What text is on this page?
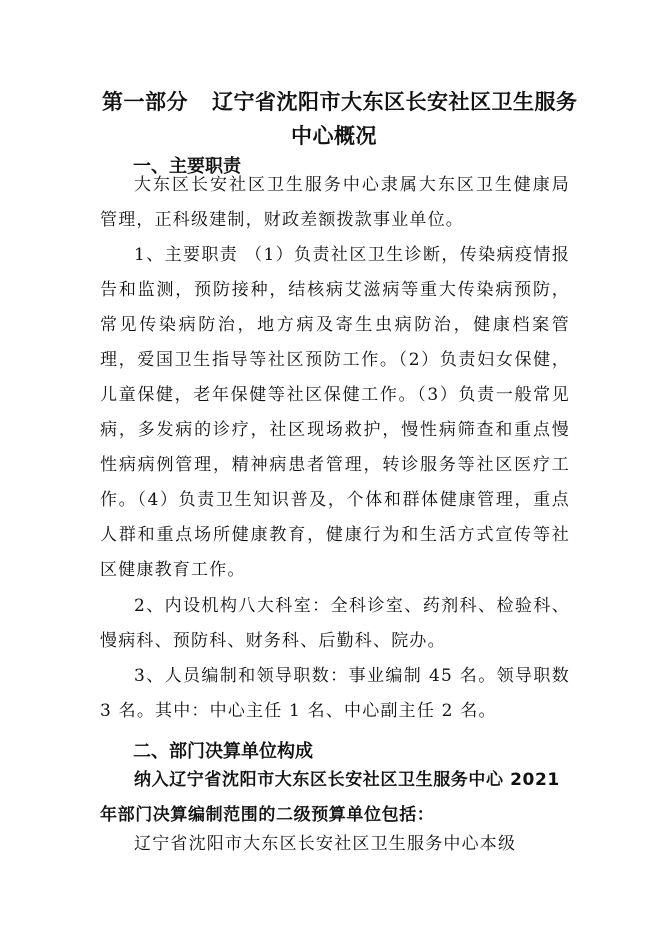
第一部分 辽宁省沈阳市大东区长安社区卫生服务
中心概况
一、主要职责

大东区长安社区卫生服务中心隶属大东区卫生健康局管理，正科级建制，财政差额拨款事业单位。

1、主要职责 （1）负责社区卫生诊断，传染病疫情报告和监测，预防接种，结核病艾滋病等重大传染病预防，常见传染病防治，地方病及寄生虫病防治，健康档案管理，爱国卫生指导等社区预防工作。（2）负责妇女保健，儿童保健，老年保健等社区保健工作。（3）负责一般常见病，多发病的诊疗，社区现场救护，慢性病筛查和重点慢性病病例管理，精神病患者管理，转诊服务等社区医疗工作。（4）负责卫生知识普及，个体和群体健康管理，重点人群和重点场所健康教育，健康行为和生活方式宣传等社区健康教育工作。

2、内设机构八大科室：全科诊室、药剂科、检验科、慢病科、预防科、财务科、后勤科、院办。

3、人员编制和领导职数：事业编制 45 名。领导职数 3 名。其中：中心主任 1 名、中心副主任 2 名。

二、部门决算单位构成

纳入辽宁省沈阳市大东区长安社区卫生服务中心 2021 年部门决算编制范围的二级预算单位包括：

辽宁省沈阳市大东区长安社区卫生服务中心本级
